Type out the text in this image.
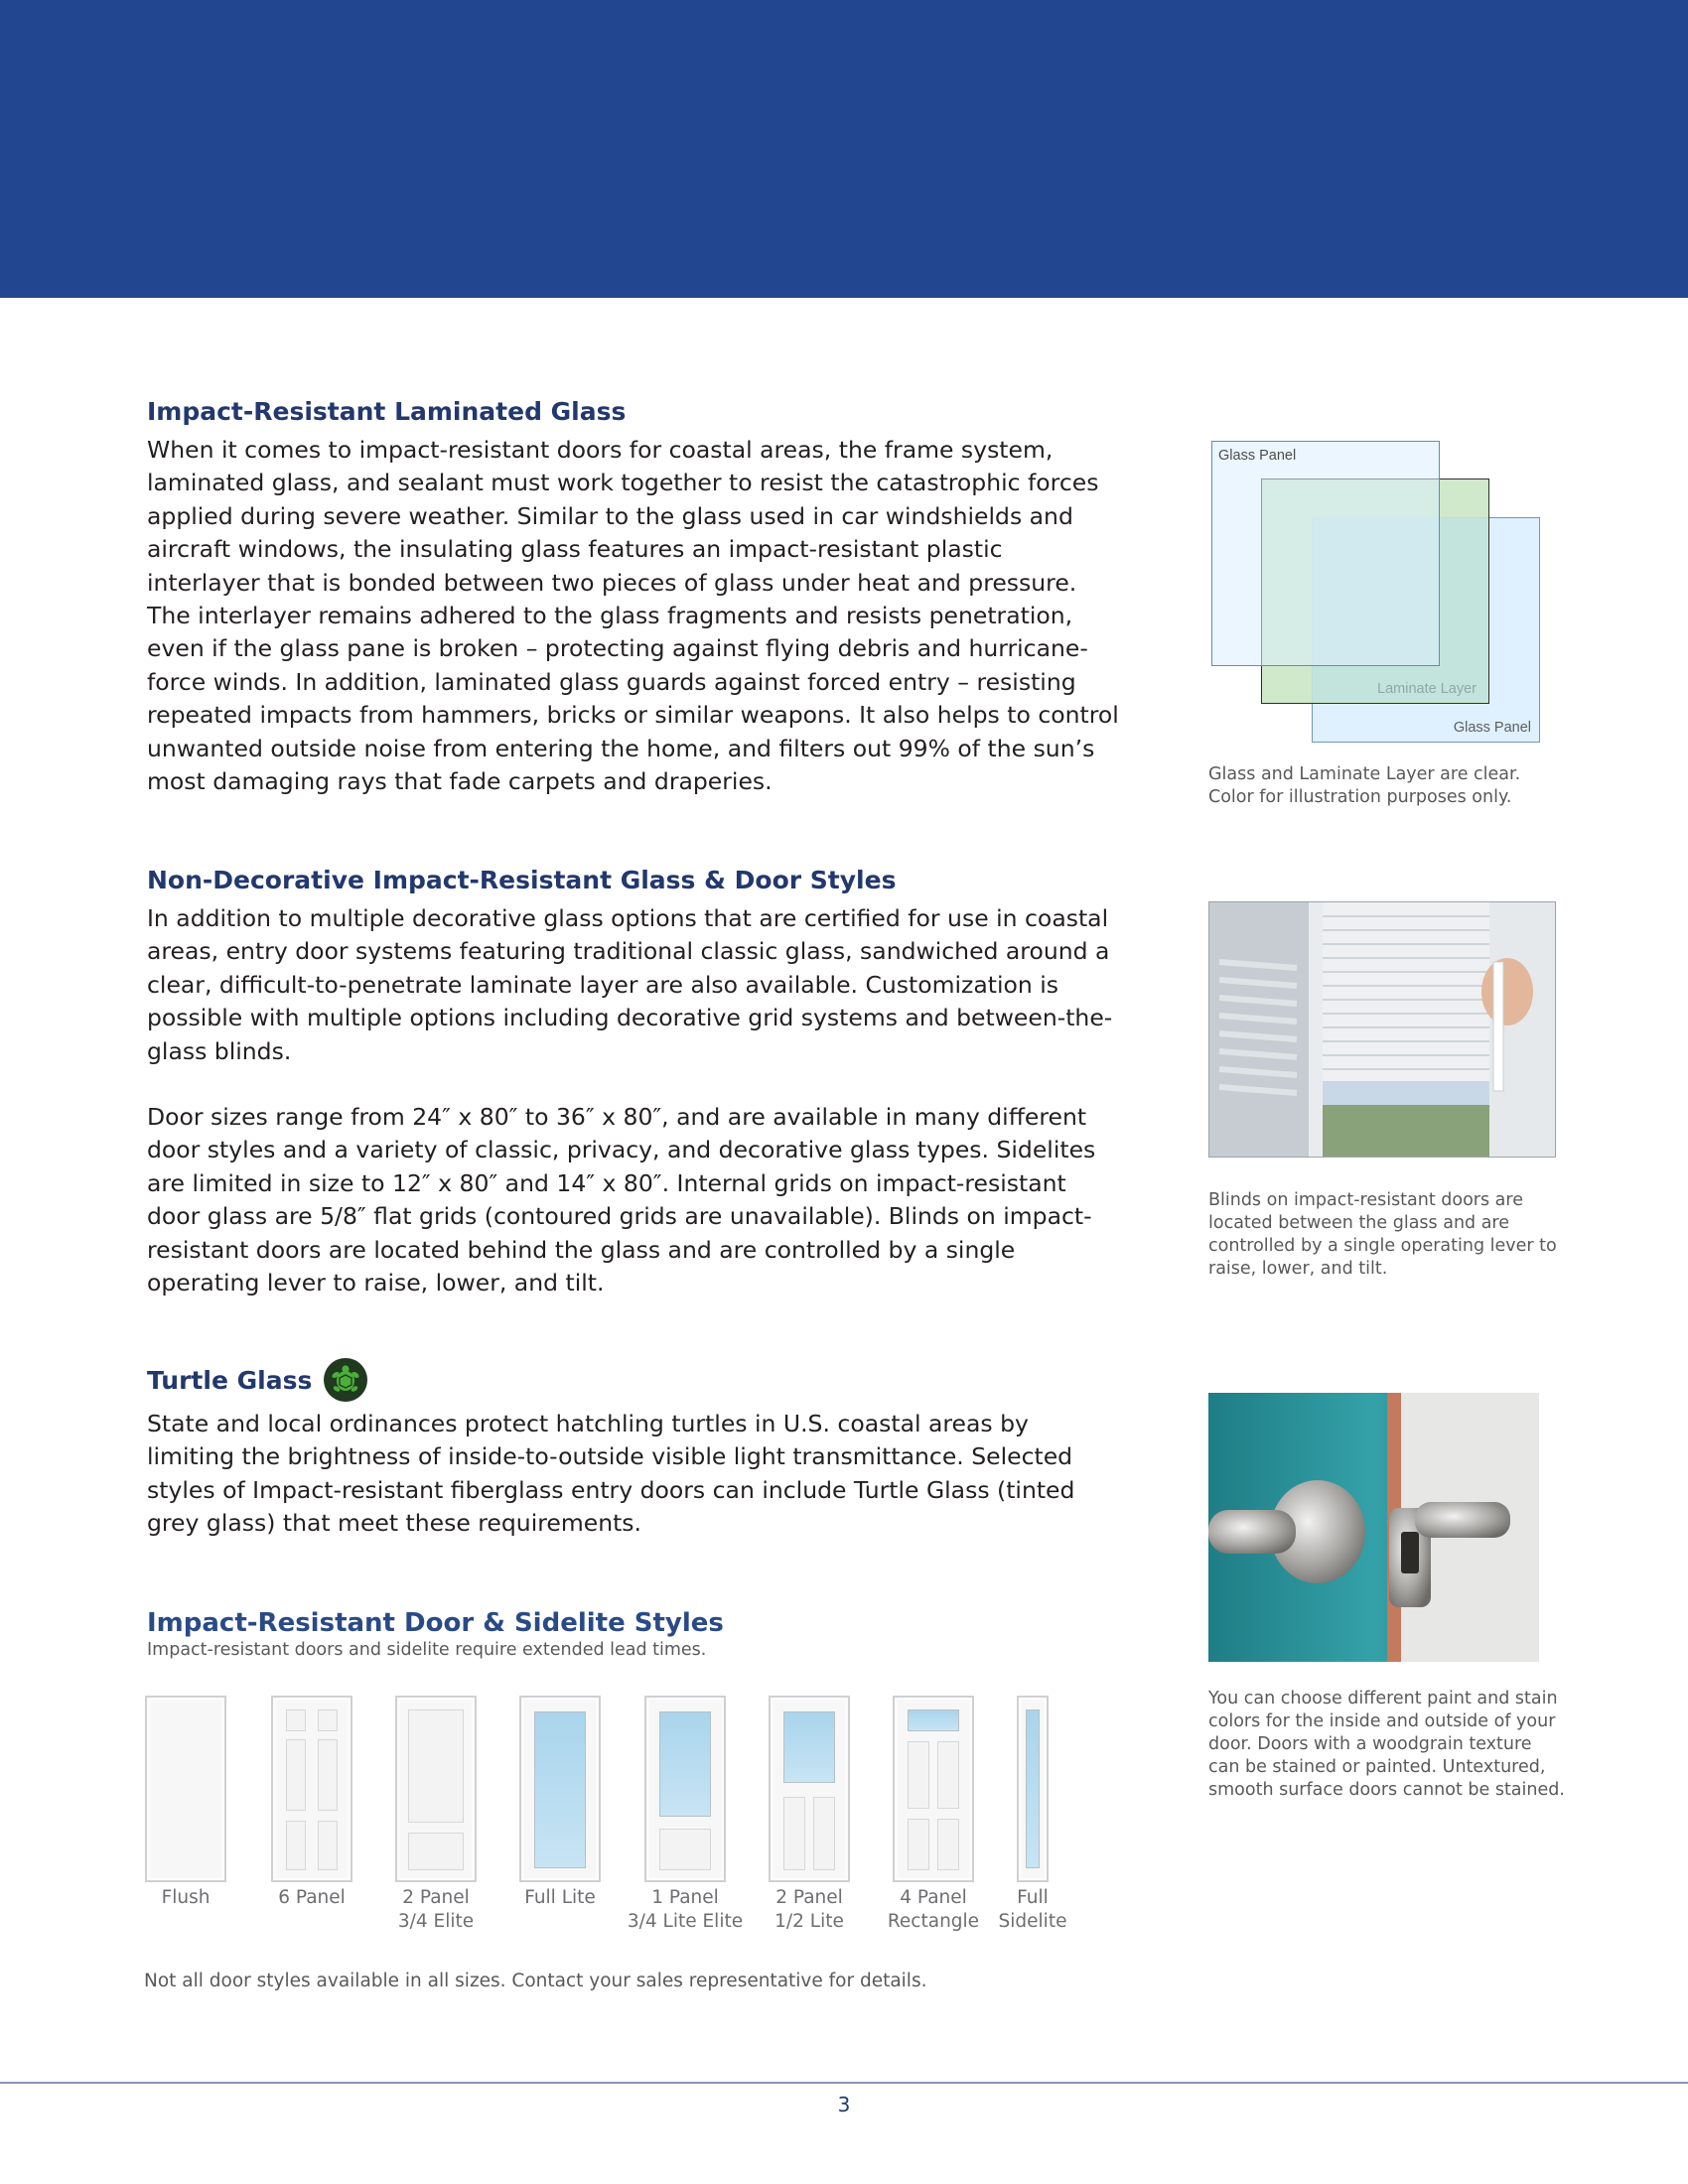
Impact-Resistant Laminated Glass

When it comes to impact-resistant doors for coastal areas, the frame system, laminated glass, and sealant must work together to resist the catastrophic forces applied during severe weather. Similar to the glass used in car windshields and aircraft windows, the insulating glass features an impact-resistant plastic interlayer that is bonded between two pieces of glass under heat and pressure. The interlayer remains adhered to the glass fragments and resists penetration, even if the glass pane is broken – protecting against flying debris and hurricane-force winds. In addition, laminated glass guards against forced entry – resisting repeated impacts from hammers, bricks or similar weapons. It also helps to control unwanted outside noise from entering the home, and filters out 99% of the sun’s most damaging rays that fade carpets and draperies.

Non-Decorative Impact-Resistant Glass & Door Styles

In addition to multiple decorative glass options that are certified for use in coastal areas, entry door systems featuring traditional classic glass, sandwiched around a clear, difficult-to-penetrate laminate layer are also available. Customization is possible with multiple options including decorative grid systems and between-the-glass blinds.

Door sizes range from 24″ x 80″ to 36″ x 80″, and are available in many different door styles and a variety of classic, privacy, and decorative glass types. Sidelites are limited in size to 12″ x 80″ and 14″ x 80″. Internal grids on impact-resistant door glass are 5/8″ flat grids (contoured grids are unavailable). Blinds on impact-resistant doors are located behind the glass and are controlled by a single operating lever to raise, lower, and tilt.

Turtle Glass

State and local ordinances protect hatchling turtles in U.S. coastal areas by limiting the brightness of inside-to-outside visible light transmittance. Selected styles of Impact-resistant fiberglass entry doors can include Turtle Glass (tinted grey glass) that meet these requirements.

Impact-Resistant Door & Sidelite Styles
Impact-resistant doors and sidelite require extended lead times.
Flush	6 Panel	2 Panel
3/4 Elite
Full Lite	1 Panel
3/4 Lite Elite
2 Panel
1/2 Lite
4 Panel
Rectangle
Full
Sidelite
Not all door styles available in all sizes. Contact your sales representative for details.
Glass Panel
Glass Panel
Glass and Laminate Layer are clear. Color for illustration purposes only.
Blinds on impact-resistant doors are located between the glass and are controlled by a single operating lever to raise, lower, and tilt.
You can choose different paint and stain colors for the inside and outside of your door. Doors with a woodgrain texture can be stained or painted. Untextured, smooth surface doors cannot be stained.
3
